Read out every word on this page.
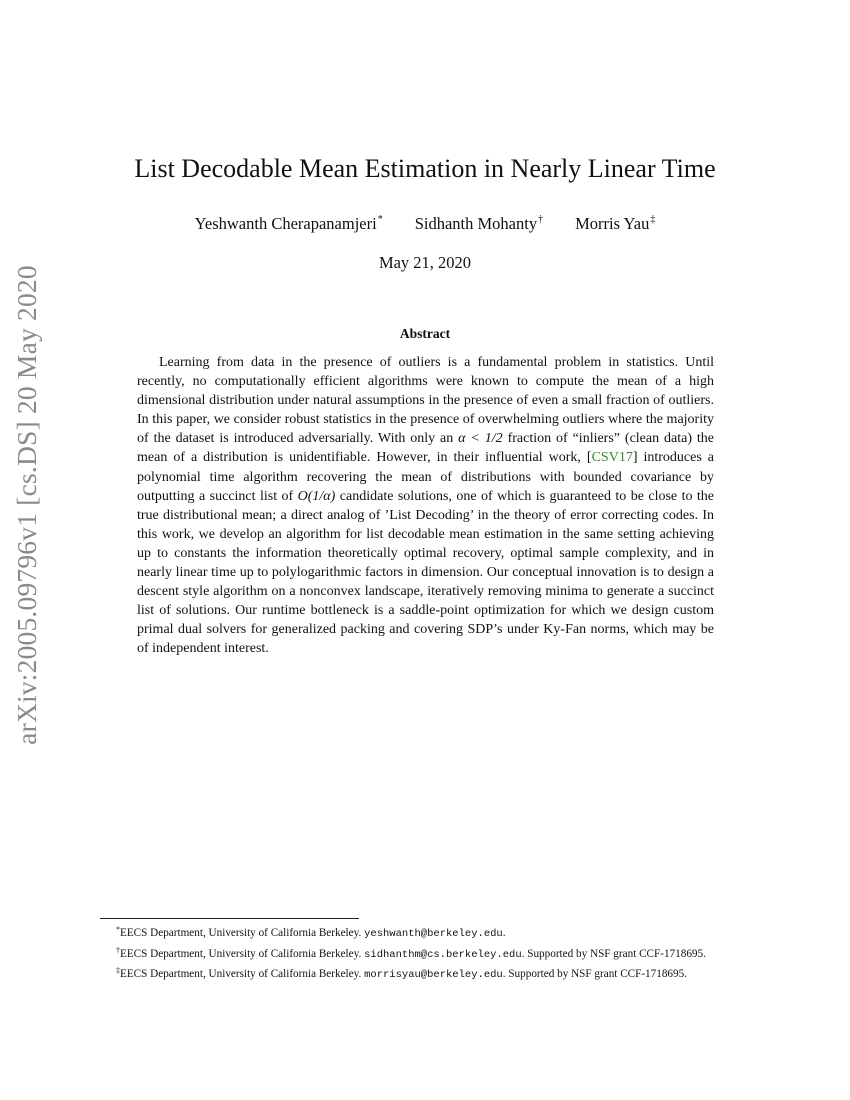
arXiv:2005.09796v1 [cs.DS] 20 May 2020
List Decodable Mean Estimation in Nearly Linear Time
Yeshwanth Cherapanamjeri* Sidhanth Mohanty† Morris Yau‡
May 21, 2020
Abstract

Learning from data in the presence of outliers is a fundamental problem in statistics. Until recently, no computationally efficient algorithms were known to compute the mean of a high dimensional distribution under natural assumptions in the presence of even a small fraction of outliers. In this paper, we consider robust statistics in the presence of overwhelming outliers where the majority of the dataset is introduced adversarially. With only an α < 1/2 fraction of “inliers” (clean data) the mean of a distribution is unidentifiable. However, in their influential work, [CSV17] introduces a polynomial time algorithm recovering the mean of distributions with bounded covariance by outputting a succinct list of O(1/α) candidate solutions, one of which is guaranteed to be close to the true distributional mean; a direct analog of ’List Decoding’ in the theory of error correcting codes. In this work, we develop an algorithm for list decodable mean estimation in the same setting achieving up to constants the information theoretically optimal recovery, optimal sample complexity, and in nearly linear time up to polylogarithmic factors in dimension. Our conceptual innovation is to design a descent style algorithm on a nonconvex landscape, iteratively removing minima to generate a succinct list of solutions. Our runtime bottleneck is a saddle-point optimization for which we design custom primal dual solvers for generalized packing and covering SDP’s under Ky-Fan norms, which may be of independent interest.

*EECS Department, University of California Berkeley. yeshwanth@berkeley.edu.

†EECS Department, University of California Berkeley. sidhanthm@cs.berkeley.edu. Supported by NSF grant CCF-1718695.

‡EECS Department, University of California Berkeley. morrisyau@berkeley.edu. Supported by NSF grant CCF-1718695.
